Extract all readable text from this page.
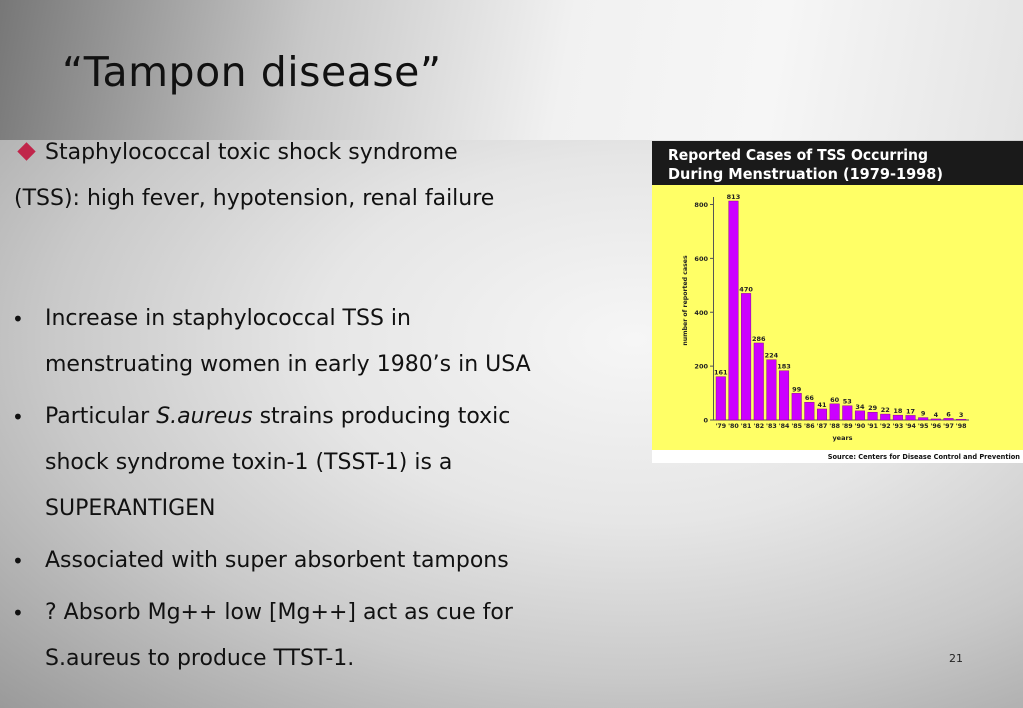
“Tampon disease”
Staphylococcal toxic shock syndrome
(TSS): high fever, hypotension, renal failure
• Increase in staphylococcal TSS in
menstruating women in early 1980’s in USA
• Particular S.aureus strains producing toxic
shock syndrome toxin-1 (TSST-1) is a
SUPERANTIGEN
• Associated with super absorbent tampons
• ? Absorb Mg++ low [Mg++] act as cue for
S.aureus to produce TTST-1.
Reported Cases of TSS Occurring
During Menstruation (1979-1998)
0
200
400
600
800
number of reported cases
161
'79
813
'80
470
'81
286
'82
224
'83
183
'84
99
'85
66
'86
41
'87
60
'88
53
'89
34
'90
29
'91
22
'92
18
'93
17
'94
9
'95
4
'96
6
'97
3
'98
years
Source: Centers for Disease Control and Prevention
21
